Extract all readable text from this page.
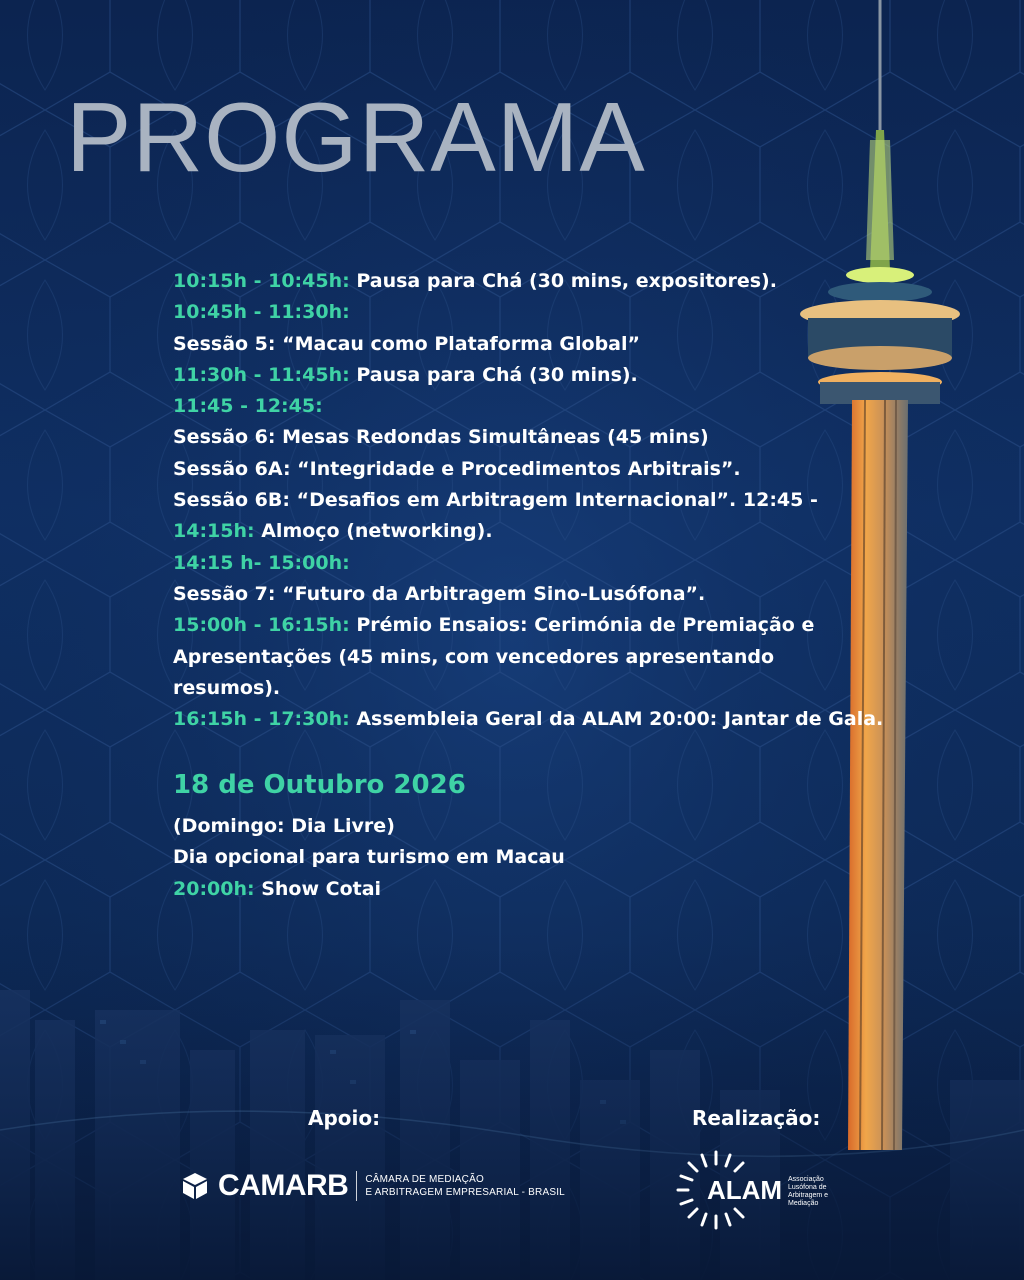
PROGRAMA
10:15h - 10:45h: Pausa para Chá (30 mins, expositores).
10:45h - 11:30h:
Sessão 5: “Macau como Plataforma Global”
11:30h - 11:45h: Pausa para Chá (30 mins).
11:45 - 12:45:
Sessão 6: Mesas Redondas Simultâneas (45 mins)
Sessão 6A: “Integridade e Procedimentos Arbitrais”.
Sessão 6B: “Desafios em Arbitragem Internacional”. 12:45 -
14:15h: Almoço (networking).
14:15 h- 15:00h:
Sessão 7: “Futuro da Arbitragem Sino-Lusófona”.
15:00h - 16:15h: Prémio Ensaios: Cerimónia de Premiação e Apresentações (45 mins, com vencedores apresentando resumos).
16:15h - 17:30h: Assembleia Geral da ALAM 20:00: Jantar de Gala.
18 de Outubro 2026
(Domingo: Dia Livre)
Dia opcional para turismo em Macau
20:00h: Show Cotai
Apoio:	Realização:
CAMARB CÂMARA DE MEDIAÇÃO
E ARBITRAGEM EMPRESARIAL - BRASIL	ALAM Associação Lusófona de Arbitragem e Mediação
